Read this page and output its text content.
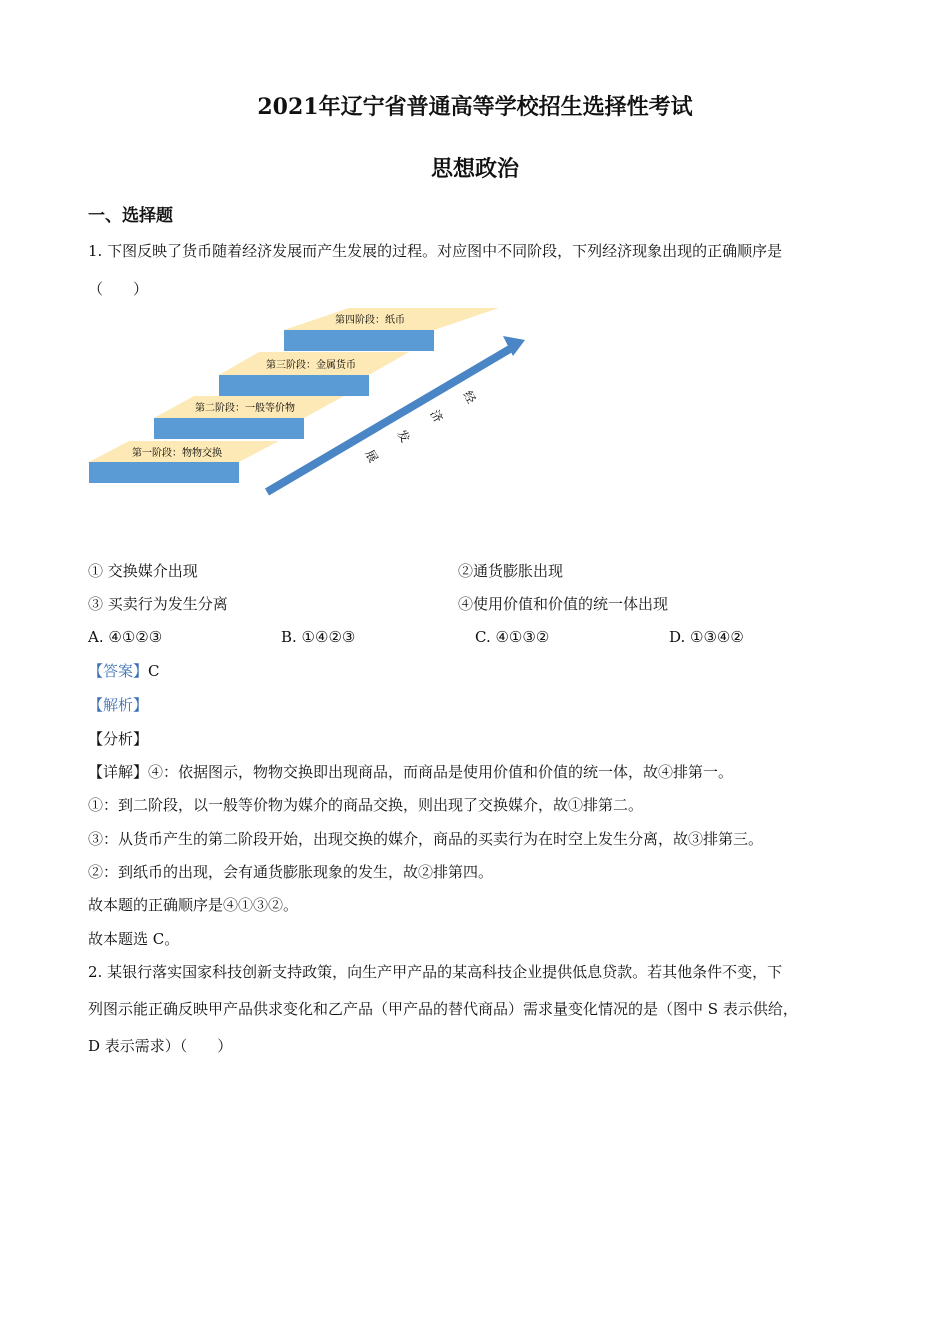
2021年辽宁省普通高等学校招生选择性考试
思想政治
一、选择题
1. 下图反映了货币随着经济发展而产生发展的过程。对应图中不同阶段，下列经济现象出现的正确顺序是
（　　）
第一阶段：物物交换
第二阶段：一般等价物
第三阶段：金属货币
第四阶段：纸币
经
济
发
展
① 交换媒介出现	②通货膨胀出现
③ 买卖行为发生分离	④使用价值和价值的统一体出现
A. ④①②③	B. ①④②③	C. ④①③②	D. ①③④②
【答案】C
【解析】
【分析】
【详解】④：依据图示，物物交换即出现商品，而商品是使用价值和价值的统一体，故④排第一。
①：到二阶段，以一般等价物为媒介的商品交换，则出现了交换媒介，故①排第二。
③：从货币产生的第二阶段开始，出现交换的媒介，商品的买卖行为在时空上发生分离，故③排第三。
②：到纸币的出现，会有通货膨胀现象的发生，故②排第四。
故本题的正确顺序是④①③②。
故本题选 C。
2. 某银行落实国家科技创新支持政策，向生产甲产品的某高科技企业提供低息贷款。若其他条件不变，下
列图示能正确反映甲产品供求变化和乙产品（甲产品的替代商品）需求量变化情况的是（图中 S 表示供给，
D 表示需求）（　　）
